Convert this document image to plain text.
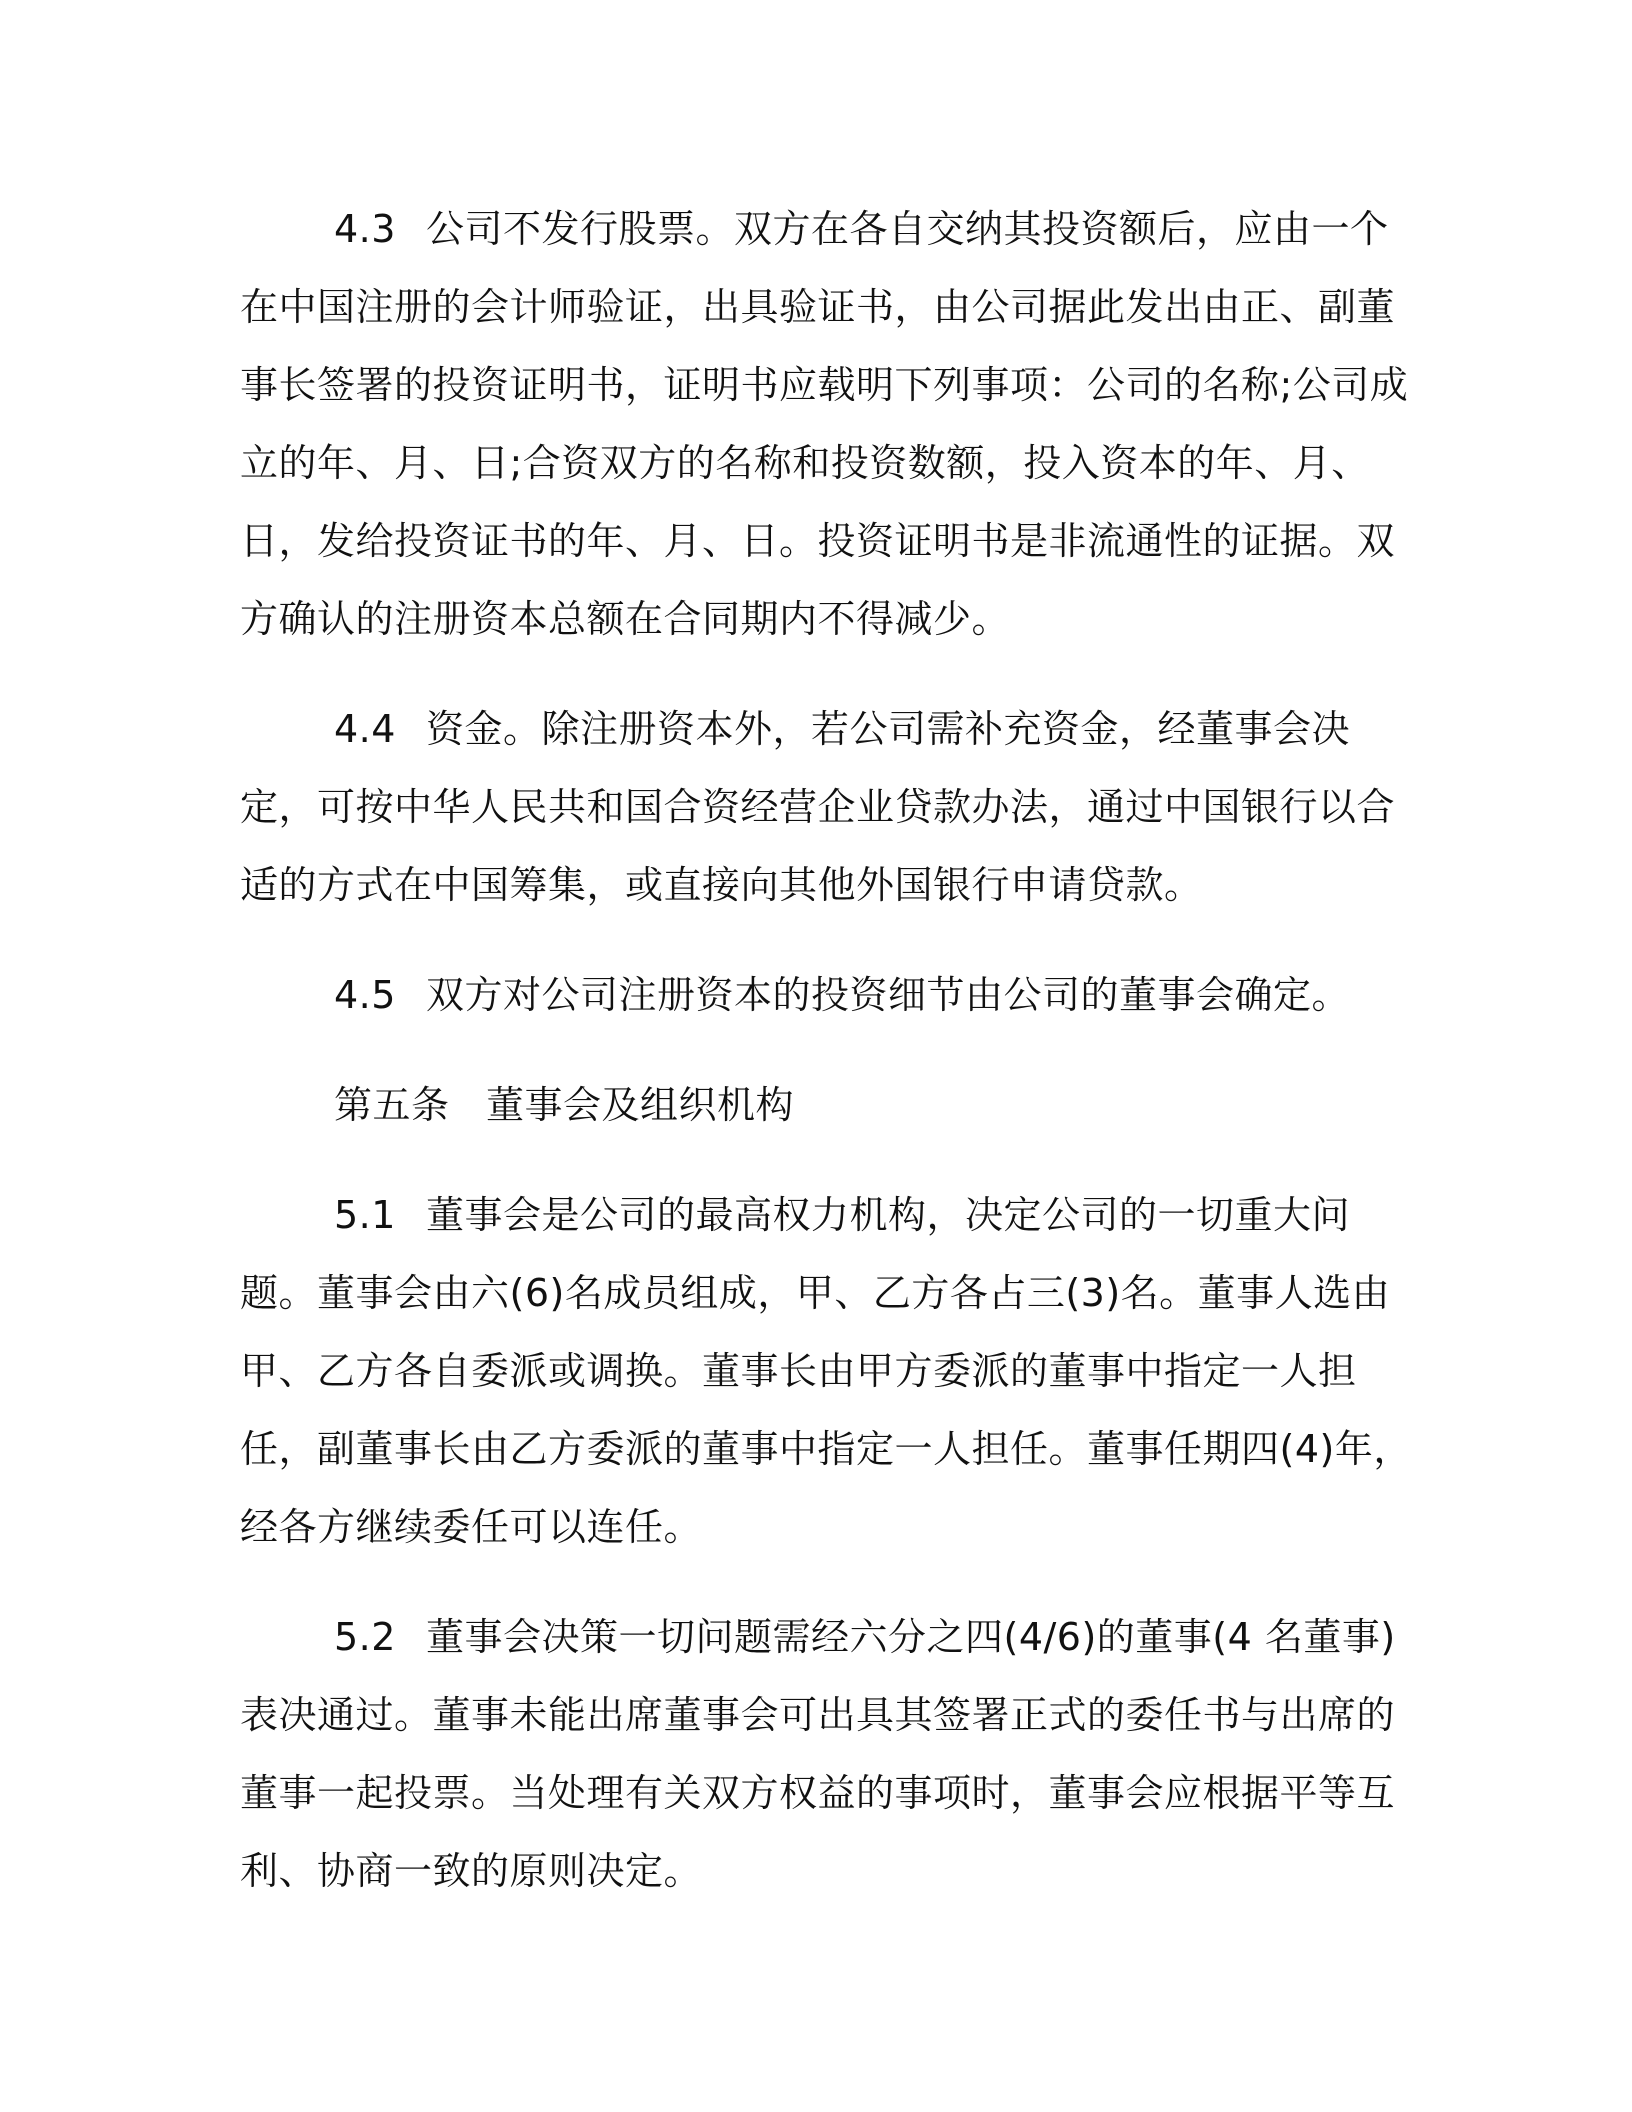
4.3 公司不发行股票。双方在各自交纳其投资额后，应由一个在中国注册的会计师验证，出具验证书，由公司据此发出由正、副董事长签署的投资证明书，证明书应载明下列事项：公司的名称;公司成立的年、月、日;合资双方的名称和投资数额，投入资本的年、月、日，发给投资证书的年、月、日。投资证明书是非流通性的证据。双方确认的注册资本总额在合同期内不得减少。

4.4 资金。除注册资本外，若公司需补充资金，经董事会决定，可按中华人民共和国合资经营企业贷款办法，通过中国银行以合适的方式在中国筹集，或直接向其他外国银行申请贷款。

4.5 双方对公司注册资本的投资细节由公司的董事会确定。

第五条 董事会及组织机构

5.1 董事会是公司的最高权力机构，决定公司的一切重大问题。董事会由六(6)名成员组成，甲、乙方各占三(3)名。董事人选由甲、乙方各自委派或调换。董事长由甲方委派的董事中指定一人担任，副董事长由乙方委派的董事中指定一人担任。董事任期四(4)年，经各方继续委任可以连任。

5.2 董事会决策一切问题需经六分之四(4/6)的董事(4 名董事)表决通过。董事未能出席董事会可出具其签署正式的委任书与出席的董事一起投票。当处理有关双方权益的事项时，董事会应根据平等互利、协商一致的原则决定。
